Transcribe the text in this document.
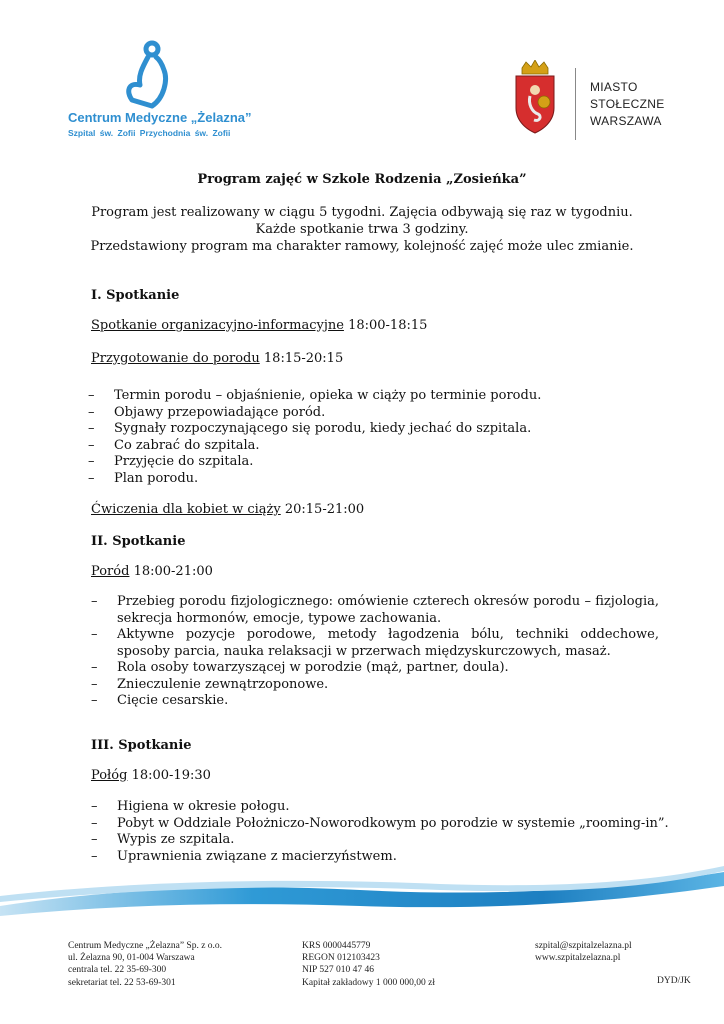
Centrum Medyczne „Żelazna”
Szpital św. Zofii Przychodnia św. Zofii
MIASTO
STOŁECZNE
WARSZAWA
Program zajęć w Szkole Rodzenia „Zosieńka”
Program jest realizowany w ciągu 5 tygodni. Zajęcia odbywają się raz w tygodniu.
Każde spotkanie trwa 3 godziny.
Przedstawiony program ma charakter ramowy, kolejność zajęć może ulec zmianie.
I. Spotkanie
Spotkanie organizacyjno-informacyjne 18:00-18:15
Przygotowanie do porodu 18:15-20:15
– Termin porodu – objaśnienie, opieka w ciąży po terminie porodu.
– Objawy przepowiadające poród.
– Sygnały rozpoczynającego się porodu, kiedy jechać do szpitala.
– Co zabrać do szpitala.
– Przyjęcie do szpitala.
– Plan porodu.
Ćwiczenia dla kobiet w ciąży 20:15-21:00
II. Spotkanie
Poród 18:00-21:00
– Przebieg porodu fizjologicznego: omówienie czterech okresów porodu – fizjologia, sekrecja hormonów, emocje, typowe zachowania.
– Aktywne pozycje porodowe, metody łagodzenia bólu, techniki oddechowe, sposoby parcia, nauka relaksacji w przerwach międzyskurczowych, masaż.
– Rola osoby towarzyszącej w porodzie (mąż, partner, doula).
– Znieczulenie zewnątrzoponowe.
– Cięcie cesarskie.
III. Spotkanie
Połóg 18:00-19:30
– Higiena w okresie połogu.
– Pobyt w Oddziale Położniczo-Noworodkowym po porodzie w systemie „rooming-in”.
– Wypis ze szpitala.
– Uprawnienia związane z macierzyństwem.
Centrum Medyczne „Żelazna” Sp. z o.o.
ul. Żelazna 90, 01-004 Warszawa
centrala tel. 22 35-69-300
sekretariat tel. 22 53-69-301
KRS 0000445779
REGON 012103423
NIP 527 010 47 46
Kapitał zakładowy 1 000 000,00 zł
szpital@szpitalzelazna.pl
www.szpitalzelazna.pl
DYD/JK
